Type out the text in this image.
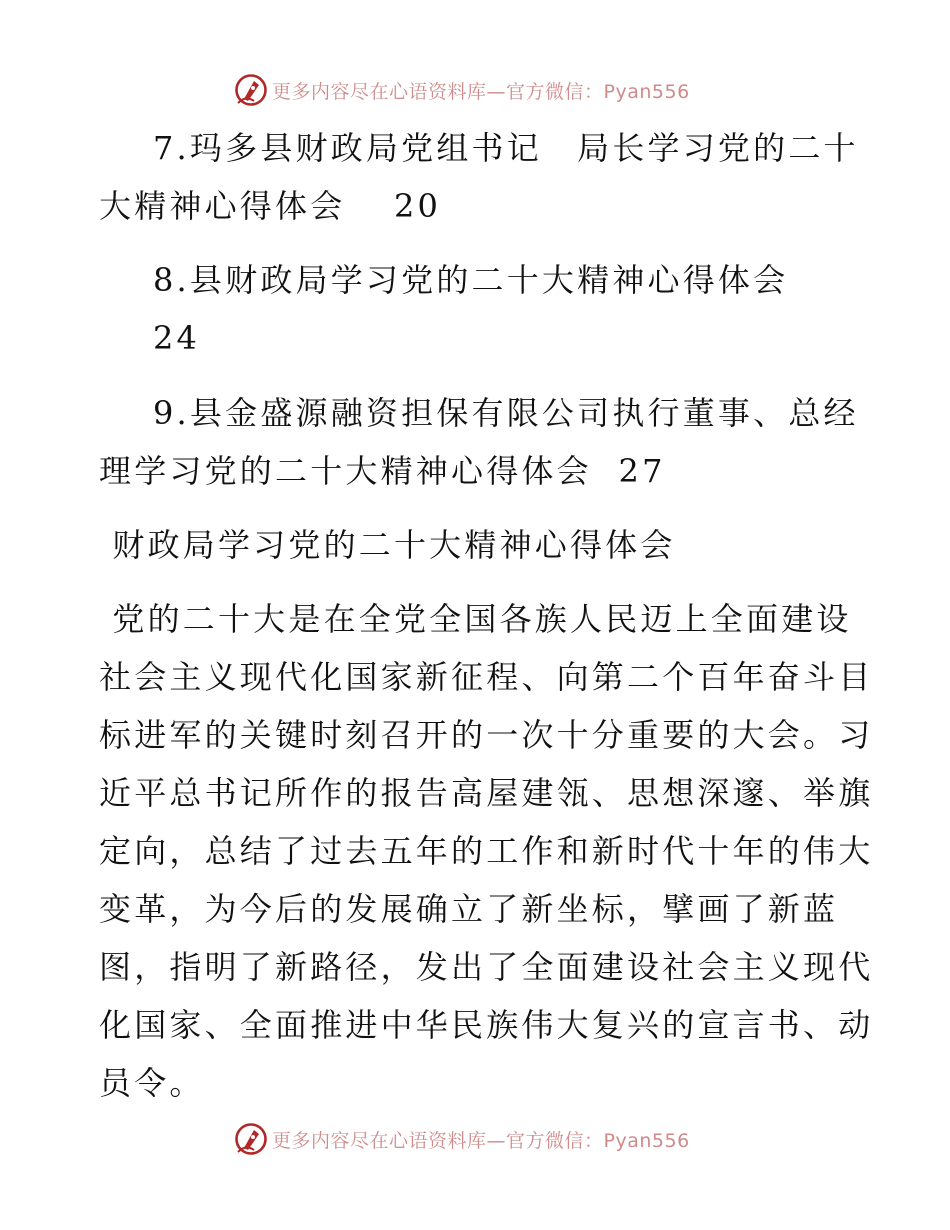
更多内容尽在心语资料库—官方微信：Pyan556
7.玛多县财政局党组书记　局长学习党的二十
大精神心得体会　 20
8.县财政局学习党的二十大精神心得体会
24
9.县金盛源融资担保有限公司执行董事、总经
理学习党的二十大精神心得体会  27
财政局学习党的二十大精神心得体会
党的二十大是在全党全国各族人民迈上全面建设
社会主义现代化国家新征程、向第二个百年奋斗目
标进军的关键时刻召开的一次十分重要的大会。习
近平总书记所作的报告高屋建瓴、思想深邃、举旗
定向，总结了过去五年的工作和新时代十年的伟大
变革，为今后的发展确立了新坐标，擘画了新蓝
图，指明了新路径，发出了全面建设社会主义现代
化国家、全面推进中华民族伟大复兴的宣言书、动
员令。
更多内容尽在心语资料库—官方微信：Pyan556
